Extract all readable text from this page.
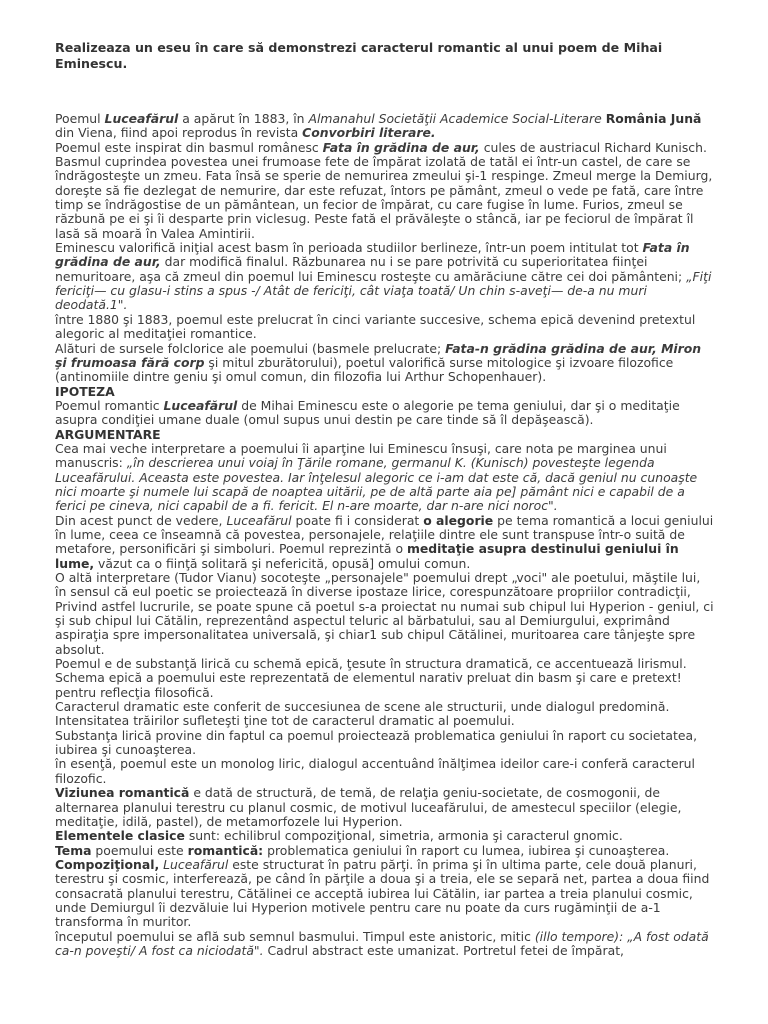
Realizeaza un eseu în care să demonstrezi caracterul romantic al unui poem de Mihai Eminescu.

Poemul Luceafărul a apărut în 1883, în Almanahul Societăţii Academice Social-Literare România Jună din Viena, fiind apoi reprodus în revista Convorbiri literare.

Poemul este inspirat din basmul românesc Fata în grădina de aur, cules de austriacul Richard Kunisch. Basmul cuprindea povestea unei frumoase fete de împărat izolată de tatăl ei într-un castel, de care se îndrăgosteşte un zmeu. Fata însă se sperie de nemurirea zmeului şi-1 respinge. Zmeul merge la Demiurg, doreşte să fie dezlegat de nemurire, dar este refuzat, întors pe pământ, zmeul o vede pe fată, care între timp se îndrăgostise de un pământean, un fecior de împărat, cu care fugise în lume. Furios, zmeul se răzbună pe ei şi îi desparte prin viclesug. Peste fată el prăvăleşte o stâncă, iar pe feciorul de împărat îl lasă să moară în Valea Amintirii.

Eminescu valorifică iniţial acest basm în perioada studiilor berlineze, într-un poem intitulat tot Fata în grădina de aur, dar modifică finalul. Răzbunarea nu i se pare potrivită cu superioritatea fiinţei nemuritoare, aşa că zmeul din poemul lui Eminescu rosteşte cu amărăciune către cei doi pământeni; „Fiţi fericiţi— cu glasu-i stins a spus -/ Atât de fericiţi, cât viaţa toată/ Un chin s-aveţi— de-a nu muri deodată.1".

între 1880 şi 1883, poemul este prelucrat în cinci variante succesive, schema epică devenind pretextul alegoric al meditaţiei romantice.

Alături de sursele folclorice ale poemului (basmele prelucrate; Fata-n grădina grădina de aur, Miron şi frumoasa fără corp şi mitul zburătorului), poetul valorifică surse mitologice şi izvoare filozofice (antinomiile dintre geniu şi omul comun, din filozofia lui Arthur Schopenhauer).

IPOTEZA

Poemul romantic Luceafărul de Mihai Eminescu este o alegorie pe tema geniului, dar şi o meditaţie asupra condiţiei umane duale (omul supus unui destin pe care tinde să îl depăşească).

ARGUMENTARE

Cea mai veche interpretare a poemului îi aparţine lui Eminescu însuşi, care nota pe marginea unui manuscris: „în descrierea unui voiaj în Ţările romane, germanul K. (Kunisch) povesteşte legenda Luceafărului. Aceasta este povestea. Iar înţelesul alegoric ce i-am dat este că, dacă geniul nu cunoaşte nici moarte şi numele lui scapă de noaptea uitării, pe de altă parte aia pe] pământ nici e capabil de a ferici pe cineva, nici capabil de a fi. fericit. El n-are moarte, dar n-are nici noroc".

Din acest punct de vedere, Luceafărul poate fi i considerat o alegorie pe tema romantică a locui geniului în lume, ceea ce înseamnă că povestea, personajele, relaţiile dintre ele sunt transpuse într-o suită de metafore, personificări şi simboluri. Poemul reprezintă o meditaţie asupra destinului geniului în lume, văzut ca o fiinţă solitară şi nefericită, opusă] omului comun.

O altă interpretare (Tudor Vianu) socoteşte „personajele" poemului drept „voci" ale poetului, măştile lui, în sensul că eul poetic se proiectează în diverse ipostaze lirice, corespunzătoare propriilor contradicţii, Privind astfel lucrurile, se poate spune că poetul s-a proiectat nu numai sub chipul lui Hyperion - geniul, ci şi sub chipul lui Cătălin, reprezentând aspectul teluric al bărbatului, sau al Demiurgului, exprimând aspiraţia spre impersonalitatea universală, şi chiar1 sub chipul Cătălinei, muritoarea care tânjeşte spre absolut.

Poemul e de substanţă lirică cu schemă epică, ţesute în structura dramatică, ce accentuează lirismul. Schema epică a poemului este reprezentată de elementul narativ preluat din basm şi care e pretext! pentru reflecţia filosofică.

Caracterul dramatic este conferit de succesiunea de scene ale structurii, unde dialogul predomină. Intensitatea trăirilor sufleteşti ţine tot de caracterul dramatic al poemului.

Substanţa lirică provine din faptul ca poemul proiectează problematica geniului în raport cu societatea, iubirea şi cunoaşterea.

în esenţă, poemul este un monolog liric, dialogul accentuând înălţimea ideilor care-i conferă caracterul filozofic.

Viziunea romantică e dată de structură, de temă, de relaţia geniu-societate, de cosmogonii, de alternarea planului terestru cu planul cosmic, de motivul luceafărului, de amestecul speciilor (elegie, meditaţie, idilă, pastel), de metamorfozele lui Hyperion.

Elementele clasice sunt: echilibrul compoziţional, simetria, armonia şi caracterul gnomic.

Tema poemului este romantică: problematica geniului în raport cu lumea, iubirea şi cunoaşterea.

Compoziţional, Luceafărul este structurat în patru părţi. în prima şi în ultima parte, cele două planuri, terestru şi cosmic, interferează, pe când în părţile a doua şi a treia, ele se separă net, partea a doua fiind consacrată planului terestru, Cătălinei ce acceptă iubirea lui Cătălin, iar partea a treia planului cosmic, unde Demiurgul îi dezvăluie lui Hyperion motivele pentru care nu poate da curs rugăminţii de a-1 transforma în muritor.

începutul poemului se află sub semnul basmului. Timpul este anistoric, mitic (illo tempore): „A fost odată ca-n poveşti/ A fost ca niciodată". Cadrul abstract este umanizat. Portretul fetei de împărat,
